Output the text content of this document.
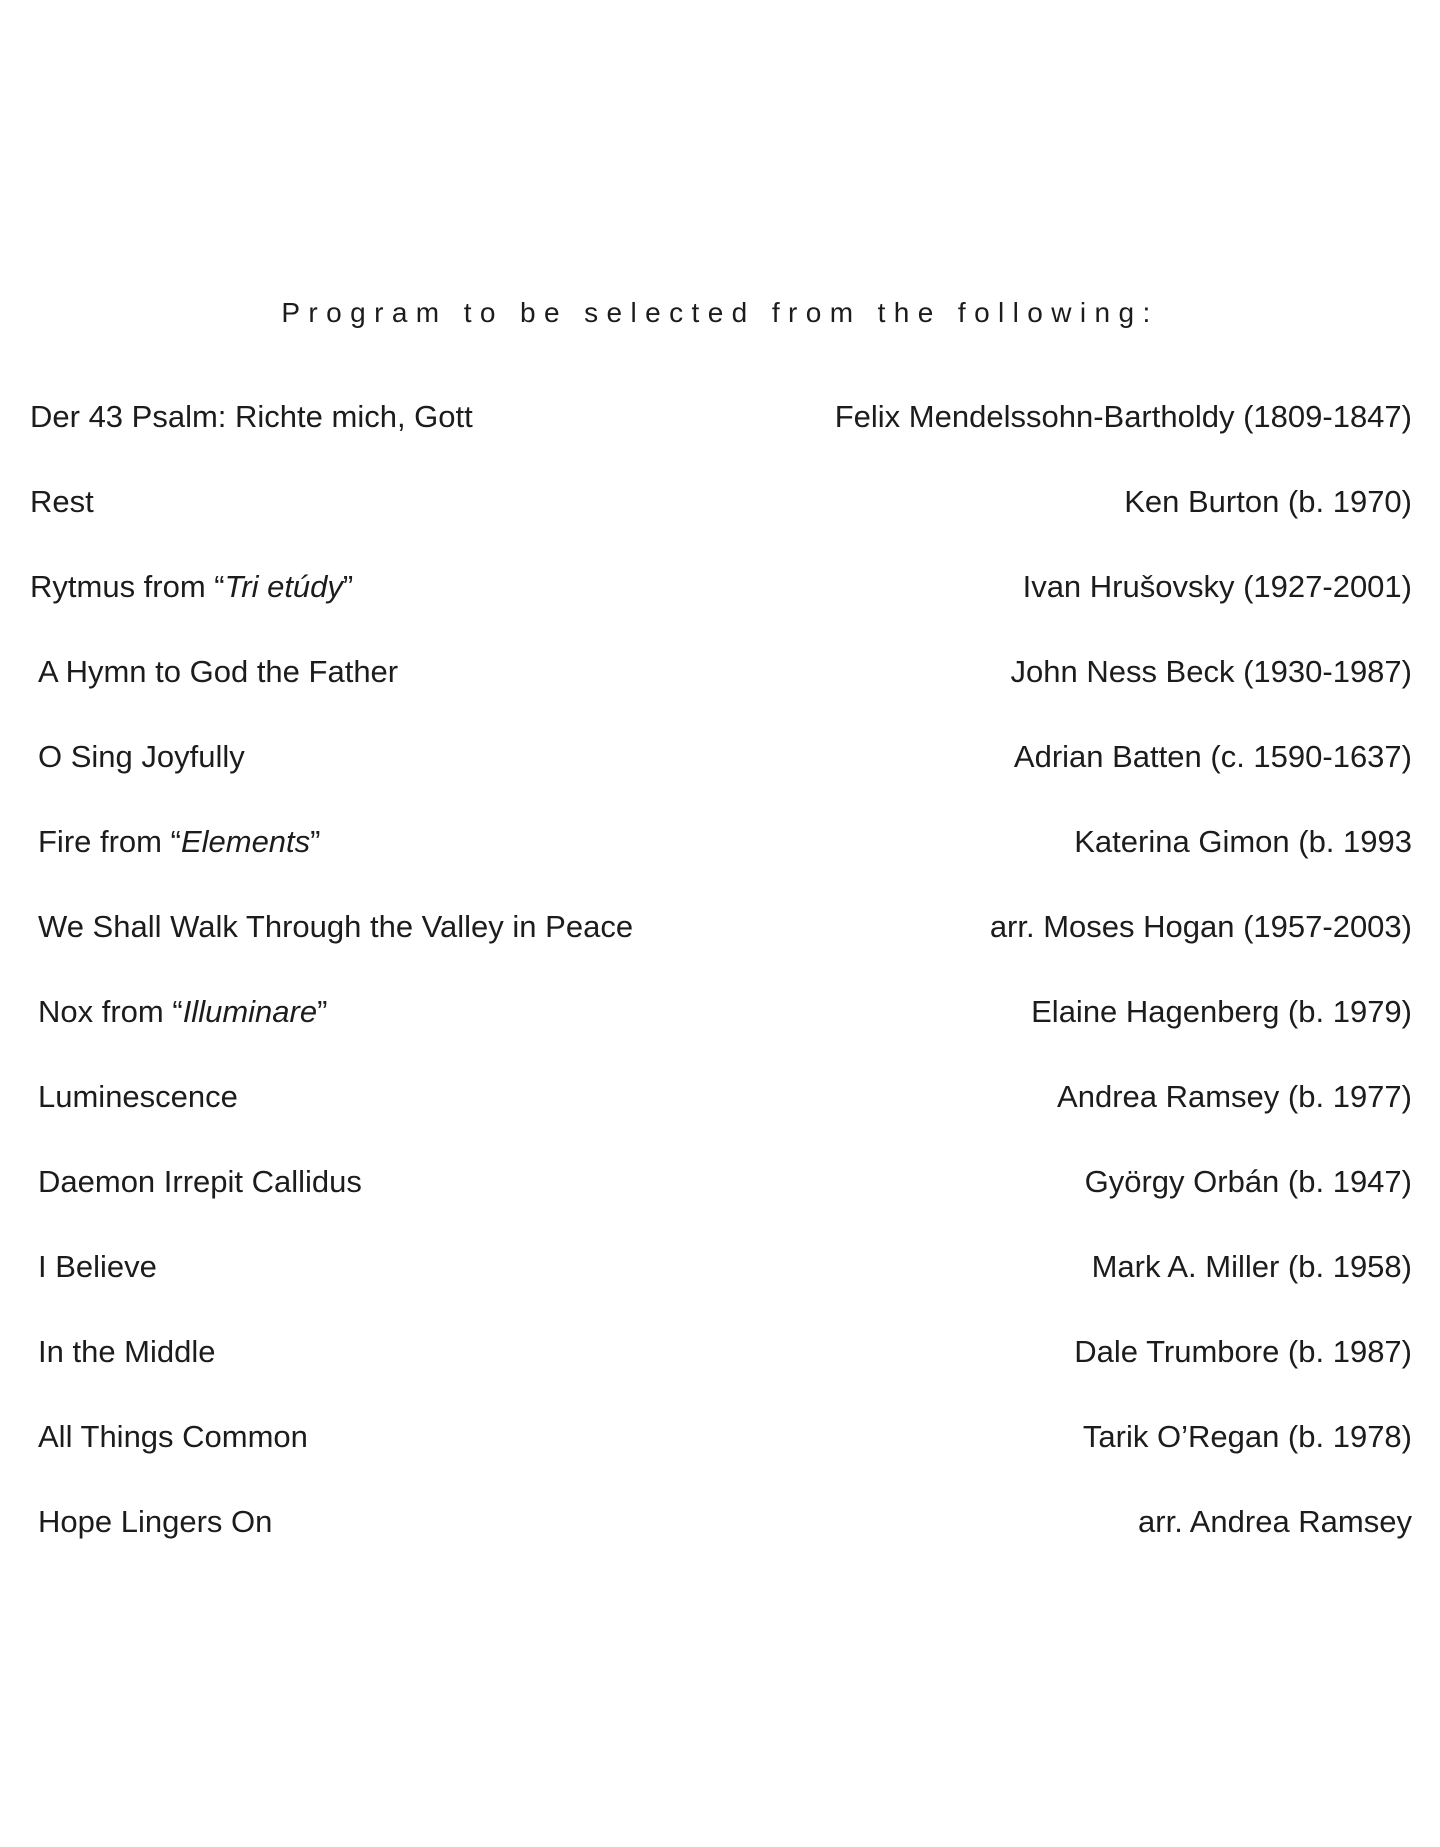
Program to be selected from the following:
Der 43 Psalm: Richte mich, Gott	Felix Mendelssohn-Bartholdy (1809-1847)
Rest	Ken Burton (b. 1970)
Rytmus from “Tri etúdy”	Ivan Hrušovsky (1927-2001)
A Hymn to God the Father	John Ness Beck (1930-1987)
O Sing Joyfully	Adrian Batten (c. 1590-1637)
Fire from “Elements”	Katerina Gimon (b. 1993
We Shall Walk Through the Valley in Peace	arr. Moses Hogan (1957-2003)
Nox from “Illuminare”	Elaine Hagenberg (b. 1979)
Luminescence	Andrea Ramsey (b. 1977)
Daemon Irrepit Callidus	György Orbán (b. 1947)
I Believe	Mark A. Miller (b. 1958)
In the Middle	Dale Trumbore (b. 1987)
All Things Common	Tarik O’Regan (b. 1978)
Hope Lingers On	arr. Andrea Ramsey
